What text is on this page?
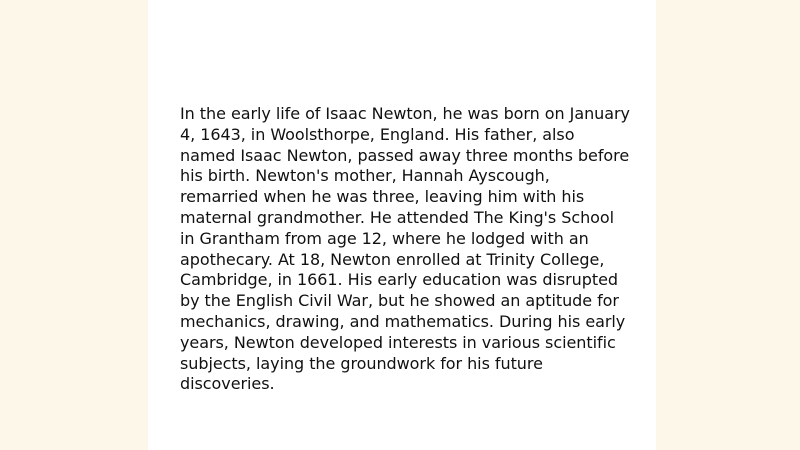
In the early life of Isaac Newton, he was born on January 4, 1643, in Woolsthorpe, England. His father, also named Isaac Newton, passed away three months before his birth. Newton's mother, Hannah Ayscough, remarried when he was three, leaving him with his maternal grandmother. He attended The King's School in Grantham from age 12, where he lodged with an apothecary. At 18, Newton enrolled at Trinity College, Cambridge, in 1661. His early education was disrupted by the English Civil War, but he showed an aptitude for mechanics, drawing, and mathematics. During his early years, Newton developed interests in various scientific subjects, laying the groundwork for his future discoveries.
